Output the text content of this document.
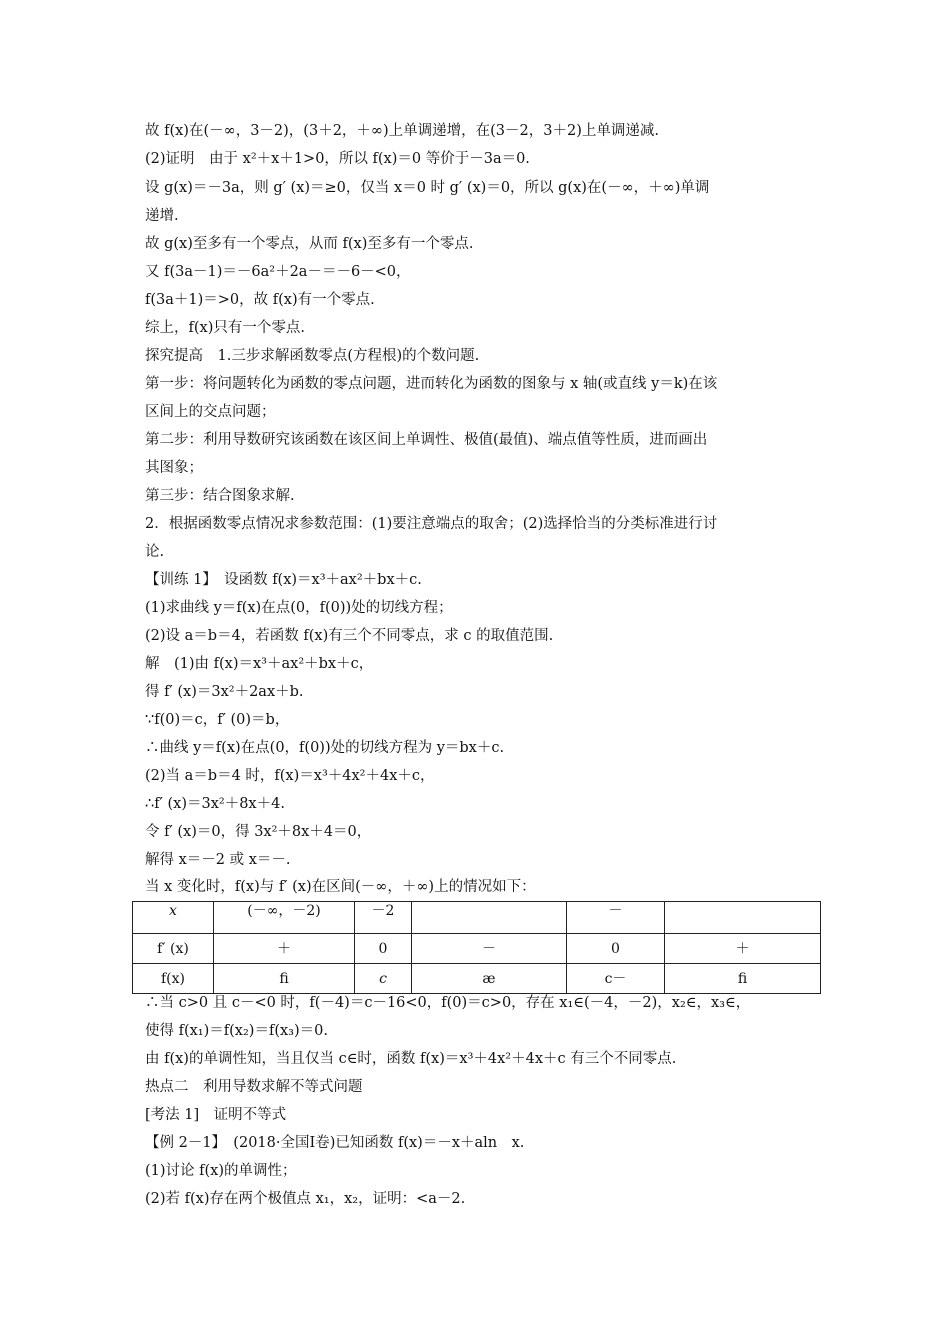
故 f(x)在(－∞，3－2)，(3＋2，＋∞)上单调递增，在(3－2，3＋2)上单调递减.
(2)证明　由于 x²＋x＋1>0，所以 f(x)＝0 等价于－3a＝0.
设 g(x)＝－3a，则 g′ (x)＝≥0，仅当 x＝0 时 g′ (x)＝0，所以 g(x)在(－∞，＋∞)单调
递增.
故 g(x)至多有一个零点，从而 f(x)至多有一个零点.
又 f(3a－1)＝－6a²＋2a－＝－6－<0，
f(3a＋1)＝>0，故 f(x)有一个零点.
综上，f(x)只有一个零点.
探究提高　1.三步求解函数零点(方程根)的个数问题.
第一步：将问题转化为函数的零点问题，进而转化为函数的图象与 x 轴(或直线 y＝k)在该
区间上的交点问题；
第二步：利用导数研究该函数在该区间上单调性、极值(最值)、端点值等性质，进而画出
其图象；
第三步：结合图象求解.
2．根据函数零点情况求参数范围：(1)要注意端点的取舍；(2)选择恰当的分类标准进行讨
论.
【训练 1】　设函数 f(x)＝x³＋ax²＋bx＋c.
(1)求曲线 y＝f(x)在点(0，f(0))处的切线方程；
(2)设 a＝b＝4，若函数 f(x)有三个不同零点，求 c 的取值范围.
解　(1)由 f(x)＝x³＋ax²＋bx＋c，
得 f′ (x)＝3x²＋2ax＋b.
∵f(0)＝c，f′ (0)＝b，
∴曲线 y＝f(x)在点(0，f(0))处的切线方程为 y＝bx＋c.
(2)当 a＝b＝4 时，f(x)＝x³＋4x²＋4x＋c，
∴f′ (x)＝3x²＋8x＋4.
令 f′ (x)＝0，得 3x²＋8x＋4＝0，
解得 x＝－2 或 x＝－.
当 x 变化时，f(x)与 f′ (x)在区间(－∞，＋∞)上的情况如下：
x	(－∞，－2)	－2		－	
f′ (x)	＋	0	－	0	＋
f(x)	ﬁ	c	æ	c－	ﬁ
∴当 c>0 且 c－<0 时，f(－4)＝c－16<0，f(0)＝c>0，存在 x₁∈(－4，－2)，x₂∈，x₃∈，
使得 f(x₁)＝f(x₂)＝f(x₃)＝0.
由 f(x)的单调性知，当且仅当 c∈时，函数 f(x)＝x³＋4x²＋4x＋c 有三个不同零点.
热点二　利用导数求解不等式问题
[考法 1]　证明不等式
【例 2－1】　(2018·全国Ⅰ卷)已知函数 f(x)＝－x＋aln　x.
(1)讨论 f(x)的单调性；
(2)若 f(x)存在两个极值点 x₁，x₂，证明：<a－2.
